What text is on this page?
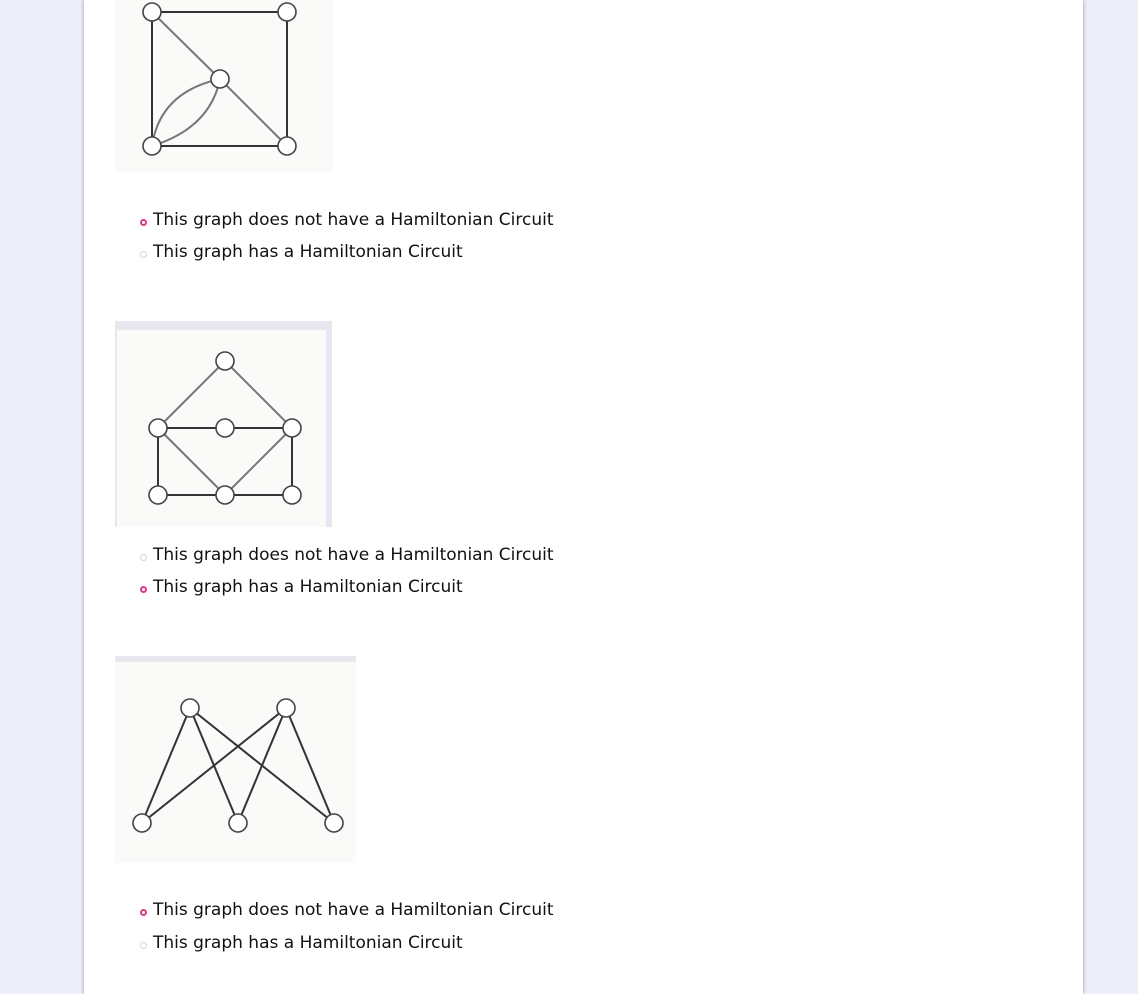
This graph does not have a Hamiltonian Circuit
This graph has a Hamiltonian Circuit
This graph does not have a Hamiltonian Circuit
This graph has a Hamiltonian Circuit
This graph does not have a Hamiltonian Circuit
This graph has a Hamiltonian Circuit
